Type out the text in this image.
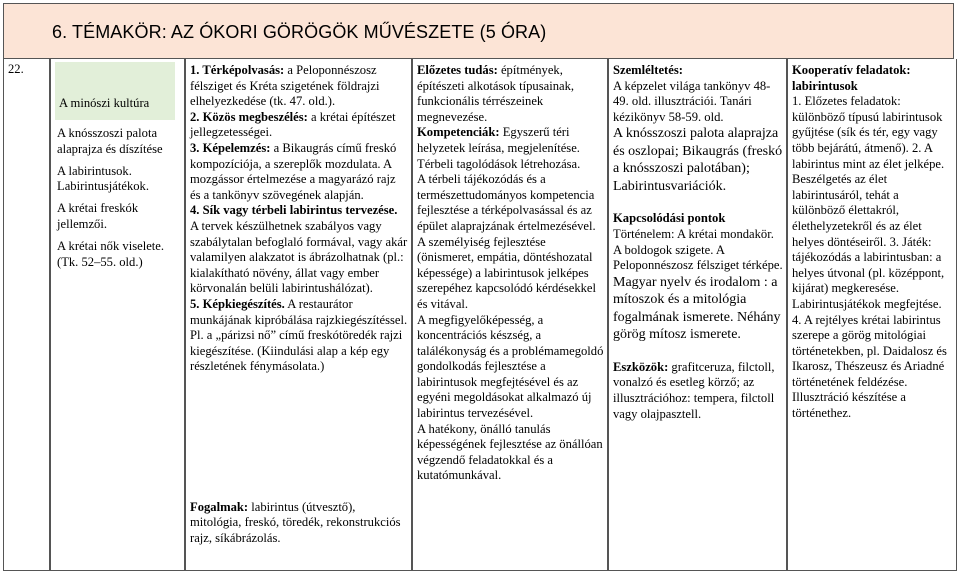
6. TÉMAKÖR: AZ ÓKORI GÖRÖGÖK MŰVÉSZETE (5 ÓRA)
22.
A minószi kultúra

A knósszoszi palota alaprajza és díszítése

A labirintusok. Labirintusjátékok.

A krétai freskók jellemzői.

A krétai nők viselete. (Tk. 52–55. old.)

1. Térképolvasás: a Peloponnészosz félsziget és Kréta szigetének földrajzi elhelyezkedése (tk. 47. old.).

2. Közös megbeszélés: a krétai építészet jellegzetességei.

3. Képelemzés: a Bikaugrás című freskó kompozíciója, a szereplők mozdulata. A mozgássor értelmezése a magyarázó rajz és a tankönyv szövegének alapján.

4. Sík vagy térbeli labirintus tervezése. A tervek készülhetnek szabályos vagy szabálytalan befoglaló formával, vagy akár valamilyen alakzatot is ábrázolhatnak (pl.: kialakítható növény, állat vagy ember körvonalán belüli labirintushálózat).

5. Képkiegészítés. A restaurátor munkájának kipróbálása rajzkiegészítéssel. Pl. a „párizsi nő” című freskótöredék rajzi kiegészítése. (Kiindulási alap a kép egy részletének fénymásolata.)

Fogalmak: labirintus (útvesztő), mitológia, freskó, töredék, rekonstrukciós rajz, síkábrázolás.

Előzetes tudás: építmények, építészeti alkotások típusainak, funkcionális térrészeinek megnevezése.

Kompetenciák: Egyszerű téri helyzetek leírása, megjelenítése. Térbeli tagolódások létrehozása.

A térbeli tájékozódás és a természettudományos kompetencia fejlesztése a térképolvasással és az épület alaprajzának értelmezésével.

A személyiség fejlesztése (önismeret, empátia, döntéshozatal képessége) a labirintusok jelképes szerepéhez kapcsolódó kérdésekkel és vitával.

A megfigyelőképesség, a koncentrációs készség, a találékonyság és a problémamegoldó gondolkodás fejlesztése a labirintusok megfejtésével és az egyéni megoldásokat alkalmazó új labirintus tervezésével.

A hatékony, önálló tanulás képességének fejlesztése az önállóan végzendő feladatokkal és a kutatómunkával.

Szemléltetés:

A képzelet világa tankönyv 48-49. old. illusztrációi. Tanári kézikönyv 58-59. old.

A knósszoszi palota alaprajza és oszlopai; Bikaugrás (freskó a knósszoszi palotában); Labirintusvariációk.

Kapcsolódási pontok

Történelem: A krétai mondakör. A boldogok szigete. A Peloponnészosz félsziget térképe.

Magyar nyelv és irodalom : a mítoszok és a mitológia fogalmának ismerete. Néhány görög mítosz ismerete.

Eszközök: grafitceruza, filctoll, vonalzó és esetleg körző; az illusztrációhoz: tempera, filctoll vagy olajpasztell.

Kooperatív feladatok: labirintusok

1. Előzetes feladatok: különböző típusú labirintusok gyűjtése (sík és tér, egy vagy több bejárátú, átmenő). 2. A labirintus mint az élet jelképe. Beszélgetés az élet labirintusáról, tehát a különböző élettakról, élethelyzetekről és az élet helyes döntéseiről. 3. Játék: tájékozódás a labirintusban: a helyes útvonal (pl. középpont, kijárat) megkeresése. Labirintusjátékok megfejtése. 4. A rejtélyes krétai labirintus szerepe a görög mitológiai történetekben, pl. Daidalosz és Ikarosz, Thészeusz és Ariadné történetének feldézése. Illusztráció készítése a történethez.
